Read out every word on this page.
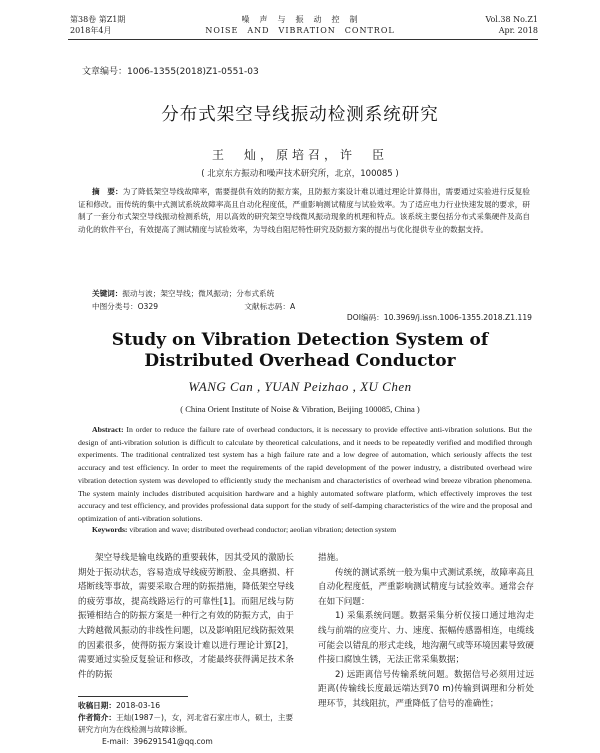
第38卷 第Z1期
2018年4月
噪　声　与　振　动　控　制
NOISE　AND　VIBRATION　CONTROL
Vol.38 No.Z1
Apr. 2018
文章编号：1006-1355(2018)Z1-0551-03
分布式架空导线振动检测系统研究
王　灿，原培召，许　臣
( 北京东方振动和噪声技术研究所，北京，100085 )
摘　要：为了降低架空导线故障率，需要提供有效的防振方案，且防振方案设计难以通过理论计算得出，需要通过实验进行反复验证和修改。而传统的集中式测试系统故障率高且自动化程度低，严重影响测试精度与试验效率。为了适应电力行业快速发展的要求，研制了一套分布式架空导线振动检测系统，用以高效的研究架空导线微风振动现象的机理和特点。该系统主要包括分布式采集硬件及高自动化的软件平台，有效提高了测试精度与试验效率，为导线自阻尼特性研究及防振方案的提出与优化提供专业的数据支持。
关键词：振动与波；架空导线；微风振动；分布式系统
中图分类号：O329	文献标志码：A
DOI编码：10.3969/j.issn.1006-1355.2018.Z1.119
Study on Vibration Detection System of
Distributed Overhead Conductor
WANG Can , YUAN Peizhao , XU Chen
( China Orient Institute of Noise & Vibration, Beijing 100085, China )
Abstract: In order to reduce the failure rate of overhead conductors, it is necessary to provide effective anti-vibration solutions. But the design of anti-vibration solution is difficult to calculate by theoretical calculations, and it needs to be repeatedly verified and modified through experiments. The traditional centralized test system has a high failure rate and a low degree of automation, which seriously affects the test accuracy and test efficiency. In order to meet the requirements of the rapid development of the power industry, a distributed overhead wire vibration detection system was developed to efficiently study the mechanism and characteristics of overhead wind breeze vibration phenomena. The system mainly includes distributed acquisition hardware and a highly automated software platform, which effectively improves the test accuracy and test efficiency, and provides professional data support for the study of self-damping characteristics of the wire and the proposal and optimization of anti-vibration solutions.
Keywords: vibration and wave; distributed overhead conductor; aeolian vibration; detection system

架空导线是输电线路的重要载体，因其受风的激励长期处于振动状态，容易造成导线疲劳断股、金具磨损、杆塔断线等事故，需要采取合理的防振措施，降低架空导线的疲劳事故，提高线路运行的可靠性[1]。而阻尼线与防振锤相结合的防振方案是一种行之有效的防振方式，由于大跨越微风振动的非线性问题，以及影响阻尼线防振效果的因素很多，使得防振方案设计难以进行理论计算[2]，需要通过实验反复验证和修改，才能最终获得满足技术条件的防振

措施。

传统的测试系统一般为集中式测试系统，故障率高且自动化程度低，严重影响测试精度与试验效率。通常会存在如下问题：

1) 采集系统问题。数据采集分析仪接口通过地沟走线与前端的应变片、力、速度、振幅传感器相连，电缆线可能会以错乱的形式走线，地沟潮气或等环境因素导致硬件接口腐蚀生锈，无法正常采集数据；

2) 远距离信号传输系统问题。数据信号必须用过远距离(传输线长度最远端达到70 m)传输到调理和分析处理环节，其线阻抗，严重降低了信号的准确性；

收稿日期：2018-03-16
作者简介：王灿(1987－)，女，河北省石家庄市人，硕士，主要研究方向为在线检测与故障诊断。
E-mail：396291541@qq.com
